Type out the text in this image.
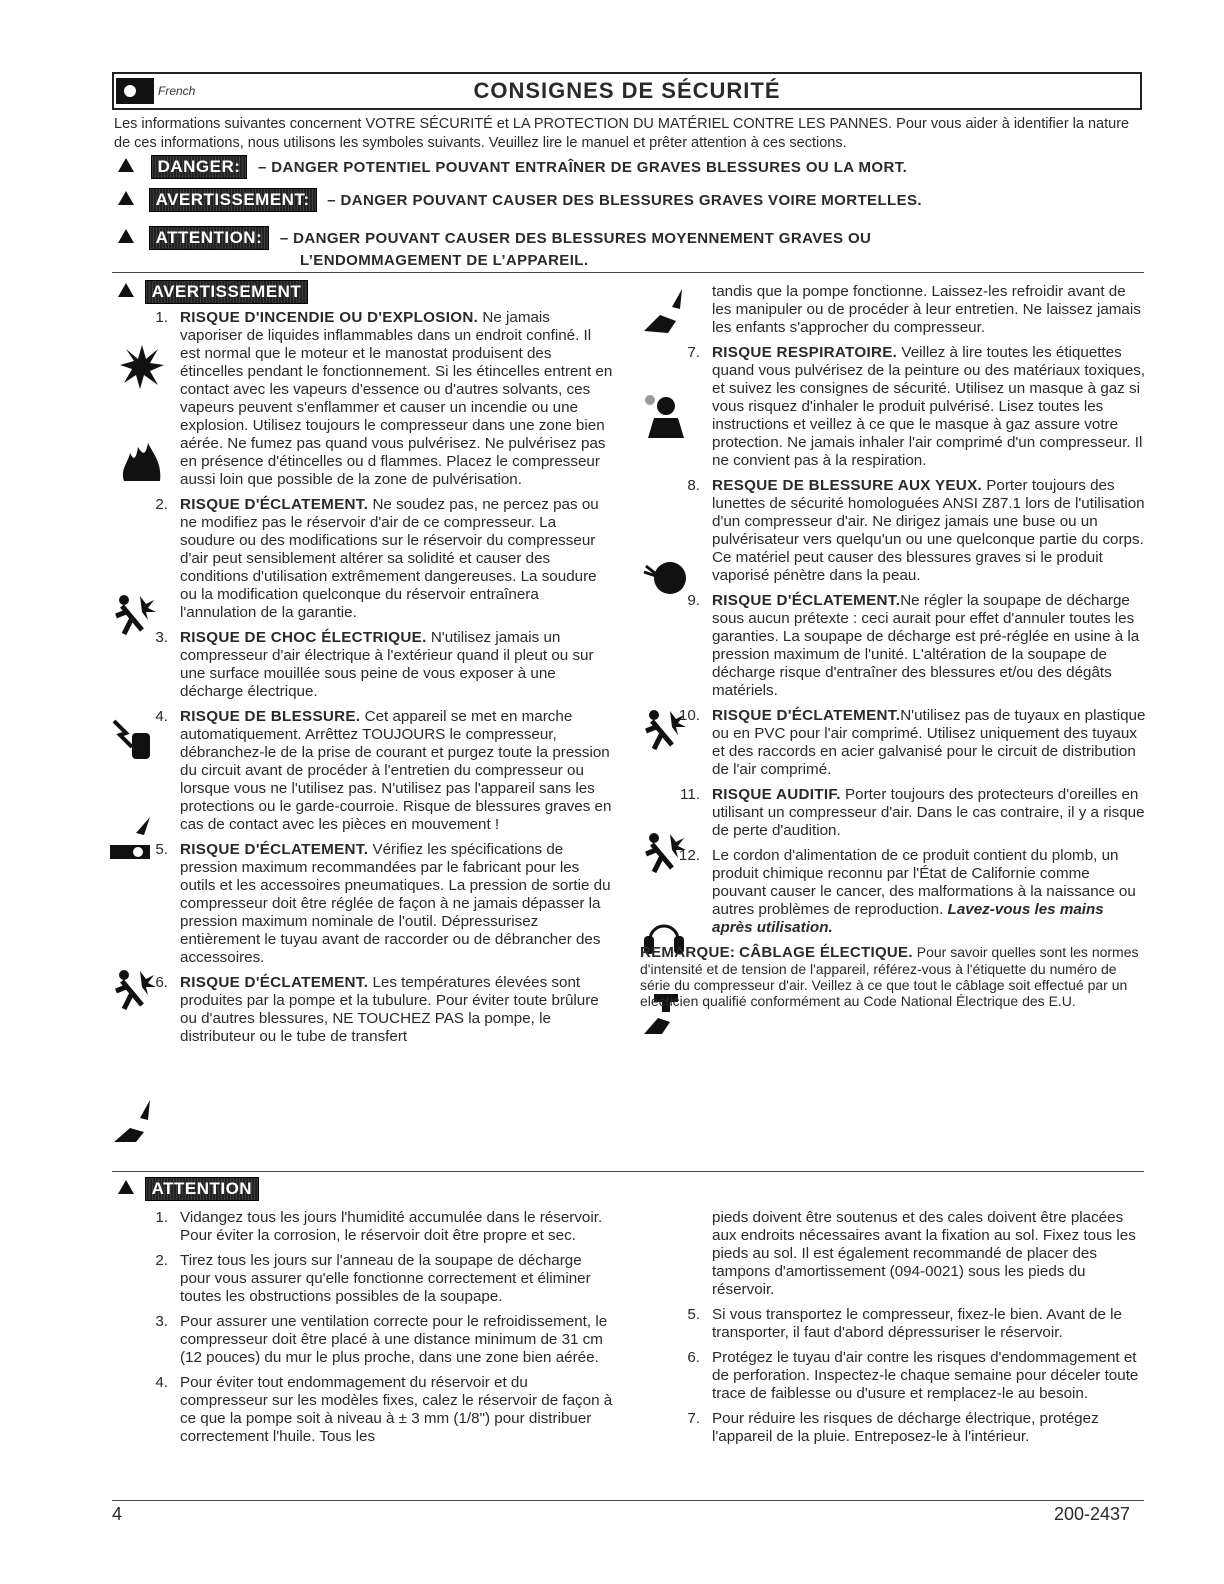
French	CONSIGNES DE SÉCURITÉ
Les informations suivantes concernent VOTRE SÉCURITÉ et LA PROTECTION DU MATÉRIEL CONTRE LES PANNES. Pour vous aider à identifier la nature de ces informations, nous utilisons les symboles suivants. Veuillez lire le manuel et prêter attention à ces sections.
DANGER: – DANGER POTENTIEL POUVANT ENTRAÎNER DE GRAVES BLESSURES OU LA MORT.
AVERTISSEMENT: – DANGER POUVANT CAUSER DES BLESSURES GRAVES VOIRE MORTELLES.
ATTENTION: – DANGER POUVANT CAUSER DES BLESSURES MOYENNEMENT GRAVES OU
L’ENDOMMAGEMENT DE L’APPAREIL.
AVERTISSEMENT
1. RISQUE D'INCENDIE OU D'EXPLOSION. Ne jamais vaporiser de liquides inflammables dans un endroit confiné. Il est normal que le moteur et le manostat produisent des étincelles pendant le fonctionnement. Si les étincelles entrent en contact avec les vapeurs d'essence ou d'autres solvants, ces vapeurs peuvent s'enflammer et causer un incendie ou une explosion. Utilisez toujours le compresseur dans une zone bien aérée. Ne fumez pas quand vous pulvérisez. Ne pulvérisez pas en présence d'étincelles ou d flammes. Placez le compresseur aussi loin que possible de la zone de pulvérisation.
2. RISQUE D'ÉCLATEMENT. Ne soudez pas, ne percez pas ou ne modifiez pas le réservoir d'air de ce compresseur. La soudure ou des modifications sur le réservoir du compresseur d'air peut sensiblement altérer sa solidité et causer des conditions d'utilisation extrêmement dangereuses. La soudure ou la modification quelconque du réservoir entraînera l'annulation de la garantie.
3. RISQUE DE CHOC ÉLECTRIQUE. N'utilisez jamais un compresseur d'air électrique à l'extérieur quand il pleut ou sur une surface mouillée sous peine de vous exposer à une décharge électrique.
4. RISQUE DE BLESSURE. Cet appareil se met en marche automatiquement. Arrêttez TOUJOURS le compresseur, débranchez-le de la prise de courant et purgez toute la pression du circuit avant de procéder à l'entretien du compresseur ou lorsque vous ne l'utilisez pas. N'utilisez pas l'appareil sans les protections ou le garde-courroie. Risque de blessures graves en cas de contact avec les pièces en mouvement !
5. RISQUE D'ÉCLATEMENT. Vérifiez les spécifications de pression maximum recommandées par le fabricant pour les outils et les accessoires pneumatiques. La pression de sortie du compresseur doit être réglée de façon à ne jamais dépasser la pression maximum nominale de l'outil. Dépressurisez entièrement le tuyau avant de raccorder ou de débrancher des accessoires.
6. RISQUE D'ÉCLATEMENT. Les températures élevées sont produites par la pompe et la tubulure. Pour éviter toute brûlure ou d'autres blessures, NE TOUCHEZ PAS la pompe, le distributeur ou le tube de transfert
tandis que la pompe fonctionne. Laissez-les refroidir avant de les manipuler ou de procéder à leur entretien. Ne laissez jamais les enfants s'approcher du compresseur.
7. RISQUE RESPIRATOIRE. Veillez à lire toutes les étiquettes quand vous pulvérisez de la peinture ou des matériaux toxiques, et suivez les consignes de sécurité. Utilisez un masque à gaz si vous risquez d'inhaler le produit pulvérisé. Lisez toutes les instructions et veillez à ce que le masque à gaz assure votre protection. Ne jamais inhaler l'air comprimé d'un compresseur. Il ne convient pas à la respiration.
8. RESQUE DE BLESSURE AUX YEUX. Porter toujours des lunettes de sécurité homologuées ANSI Z87.1 lors de l'utilisation d'un compresseur d'air. Ne dirigez jamais une buse ou un pulvérisateur vers quelqu'un ou une quelconque partie du corps. Ce matériel peut causer des blessures graves si le produit vaporisé pénètre dans la peau.
9. RISQUE D'ÉCLATEMENT.Ne régler la soupape de décharge sous aucun prétexte : ceci aurait pour effet d'annuler toutes les garanties. La soupape de décharge est pré-réglée en usine à la pression maximum de l'unité. L'altération de la soupape de décharge risque d'entraîner des blessures et/ou des dégâts matériels.
10. RISQUE D'ÉCLATEMENT.N'utilisez pas de tuyaux en plastique ou en PVC pour l'air comprimé. Utilisez uniquement des tuyaux et des raccords en acier galvanisé pour le circuit de distribution de l'air comprimé.
11. RISQUE AUDITIF. Porter toujours des protecteurs d'oreilles en utilisant un compresseur d'air. Dans le cas contraire, il y a risque de perte d'audition.
12. Le cordon d'alimentation de ce produit contient du plomb, un produit chimique reconnu par l'État de Californie comme pouvant causer le cancer, des malformations à la naissance ou autres problèmes de reproduction. Lavez-vous les mains après utilisation.
REMARQUE: CÂBLAGE ÉLECTIQUE. Pour savoir quelles sont les normes d'intensité et de tension de l'appareil, référez-vous à l'étiquette du numéro de série du compresseur d'air. Veillez à ce que tout le câblage soit effectué par un electicien qualifié conformément au Code National Électrique des E.U.
ATTENTION
1. Vidangez tous les jours l'humidité accumulée dans le réservoir. Pour éviter la corrosion, le réservoir doit être propre et sec.
2. Tirez tous les jours sur l'anneau de la soupape de décharge pour vous assurer qu'elle fonctionne correctement et éliminer toutes les obstructions possibles de la soupape.
3. Pour assurer une ventilation correcte pour le refroidissement, le compresseur doit être placé à une distance minimum de 31 cm (12 pouces) du mur le plus proche, dans une zone bien aérée.
4. Pour éviter tout endommagement du réservoir et du compresseur sur les modèles fixes, calez le réservoir de façon à ce que la pompe soit à niveau à ± 3 mm (1/8") pour distribuer correctement l'huile. Tous les
pieds doivent être soutenus et des cales doivent être placées aux endroits nécessaires avant la fixation au sol. Fixez tous les pieds au sol. Il est également recommandé de placer des tampons d'amortissement (094-0021) sous les pieds du réservoir.
5. Si vous transportez le compresseur, fixez-le bien. Avant de le transporter, il faut d'abord dépressuriser le réservoir.
6. Protégez le tuyau d'air contre les risques d'endommagement et de perforation. Inspectez-le chaque semaine pour déceler toute trace de faiblesse ou d'usure et remplacez-le au besoin.
7. Pour réduire les risques de décharge électrique, protégez l'appareil de la pluie. Entreposez-le à l'intérieur.
4	200-2437
